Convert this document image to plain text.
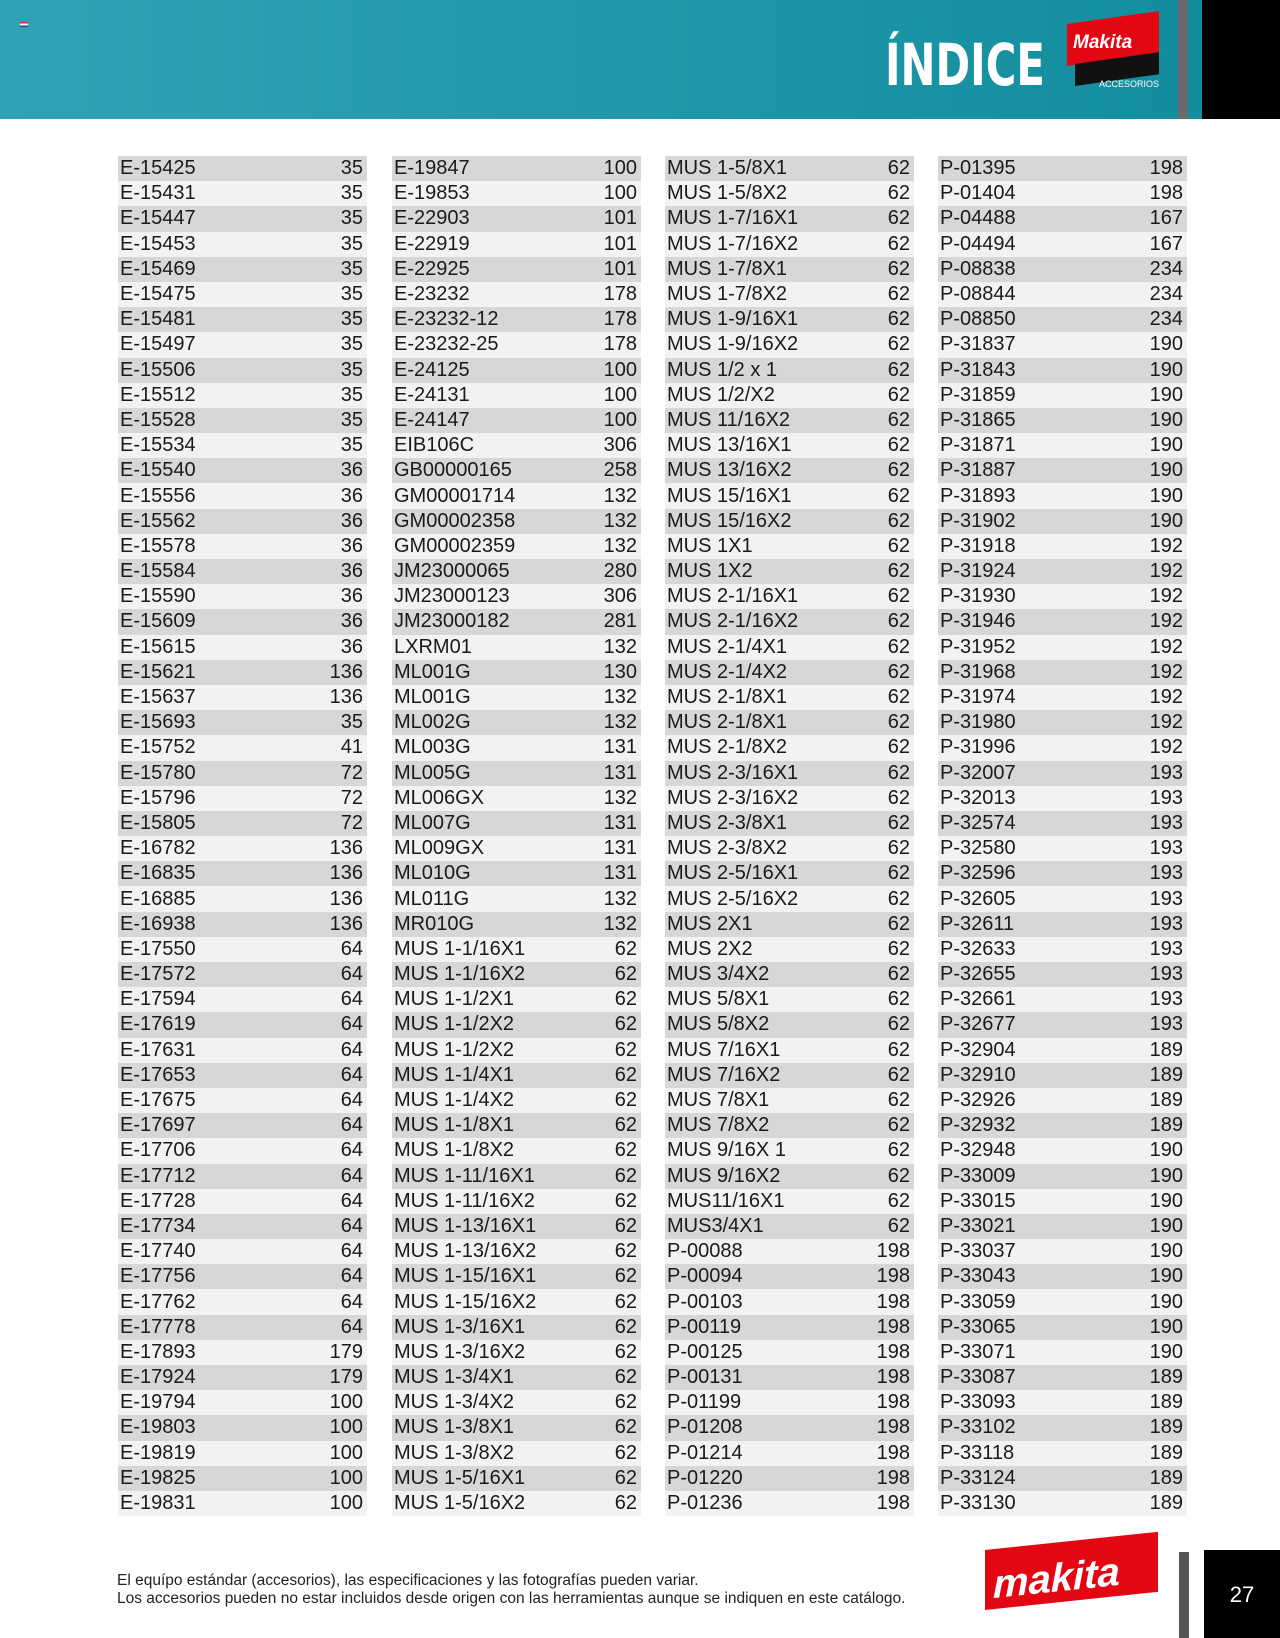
ÍNDICE Makita
ACCESORIOS
E-15425	35
E-15431	35
E-15447	35
E-15453	35
E-15469	35
E-15475	35
E-15481	35
E-15497	35
E-15506	35
E-15512	35
E-15528	35
E-15534	35
E-15540	36
E-15556	36
E-15562	36
E-15578	36
E-15584	36
E-15590	36
E-15609	36
E-15615	36
E-15621	136
E-15637	136
E-15693	35
E-15752	41
E-15780	72
E-15796	72
E-15805	72
E-16782	136
E-16835	136
E-16885	136
E-16938	136
E-17550	64
E-17572	64
E-17594	64
E-17619	64
E-17631	64
E-17653	64
E-17675	64
E-17697	64
E-17706	64
E-17712	64
E-17728	64
E-17734	64
E-17740	64
E-17756	64
E-17762	64
E-17778	64
E-17893	179
E-17924	179
E-19794	100
E-19803	100
E-19819	100
E-19825	100
E-19831	100
E-19847	100
E-19853	100
E-22903	101
E-22919	101
E-22925	101
E-23232	178
E-23232-12	178
E-23232-25	178
E-24125	100
E-24131	100
E-24147	100
EIB106C	306
GB00000165	258
GM00001714	132
GM00002358	132
GM00002359	132
JM23000065	280
JM23000123	306
JM23000182	281
LXRM01	132
ML001G	130
ML001G	132
ML002G	132
ML003G	131
ML005G	131
ML006GX	132
ML007G	131
ML009GX	131
ML010G	131
ML011G	132
MR010G	132
MUS 1-1/16X1	62
MUS 1-1/16X2	62
MUS 1-1/2X1	62
MUS 1-1/2X2	62
MUS 1-1/2X2	62
MUS 1-1/4X1	62
MUS 1-1/4X2	62
MUS 1-1/8X1	62
MUS 1-1/8X2	62
MUS 1-11/16X1	62
MUS 1-11/16X2	62
MUS 1-13/16X1	62
MUS 1-13/16X2	62
MUS 1-15/16X1	62
MUS 1-15/16X2	62
MUS 1-3/16X1	62
MUS 1-3/16X2	62
MUS 1-3/4X1	62
MUS 1-3/4X2	62
MUS 1-3/8X1	62
MUS 1-3/8X2	62
MUS 1-5/16X1	62
MUS 1-5/16X2	62
MUS 1-5/8X1	62
MUS 1-5/8X2	62
MUS 1-7/16X1	62
MUS 1-7/16X2	62
MUS 1-7/8X1	62
MUS 1-7/8X2	62
MUS 1-9/16X1	62
MUS 1-9/16X2	62
MUS 1/2 x 1	62
MUS 1/2/X2	62
MUS 11/16X2	62
MUS 13/16X1	62
MUS 13/16X2	62
MUS 15/16X1	62
MUS 15/16X2	62
MUS 1X1	62
MUS 1X2	62
MUS 2-1/16X1	62
MUS 2-1/16X2	62
MUS 2-1/4X1	62
MUS 2-1/4X2	62
MUS 2-1/8X1	62
MUS 2-1/8X1	62
MUS 2-1/8X2	62
MUS 2-3/16X1	62
MUS 2-3/16X2	62
MUS 2-3/8X1	62
MUS 2-3/8X2	62
MUS 2-5/16X1	62
MUS 2-5/16X2	62
MUS 2X1	62
MUS 2X2	62
MUS 3/4X2	62
MUS 5/8X1	62
MUS 5/8X2	62
MUS 7/16X1	62
MUS 7/16X2	62
MUS 7/8X1	62
MUS 7/8X2	62
MUS 9/16X 1	62
MUS 9/16X2	62
MUS11/16X1	62
MUS3/4X1	62
P-00088	198
P-00094	198
P-00103	198
P-00119	198
P-00125	198
P-00131	198
P-01199	198
P-01208	198
P-01214	198
P-01220	198
P-01236	198
P-01395	198
P-01404	198
P-04488	167
P-04494	167
P-08838	234
P-08844	234
P-08850	234
P-31837	190
P-31843	190
P-31859	190
P-31865	190
P-31871	190
P-31887	190
P-31893	190
P-31902	190
P-31918	192
P-31924	192
P-31930	192
P-31946	192
P-31952	192
P-31968	192
P-31974	192
P-31980	192
P-31996	192
P-32007	193
P-32013	193
P-32574	193
P-32580	193
P-32596	193
P-32605	193
P-32611	193
P-32633	193
P-32655	193
P-32661	193
P-32677	193
P-32904	189
P-32910	189
P-32926	189
P-32932	189
P-32948	190
P-33009	190
P-33015	190
P-33021	190
P-33037	190
P-33043	190
P-33059	190
P-33065	190
P-33071	190
P-33087	189
P-33093	189
P-33102	189
P-33118	189
P-33124	189
P-33130	189
El equípo estándar (accesorios), las especificaciones y las fotografías pueden variar.
Los accesorios pueden no estar incluidos desde origen con las herramientas aunque se indiquen en este catálogo. makita	27
